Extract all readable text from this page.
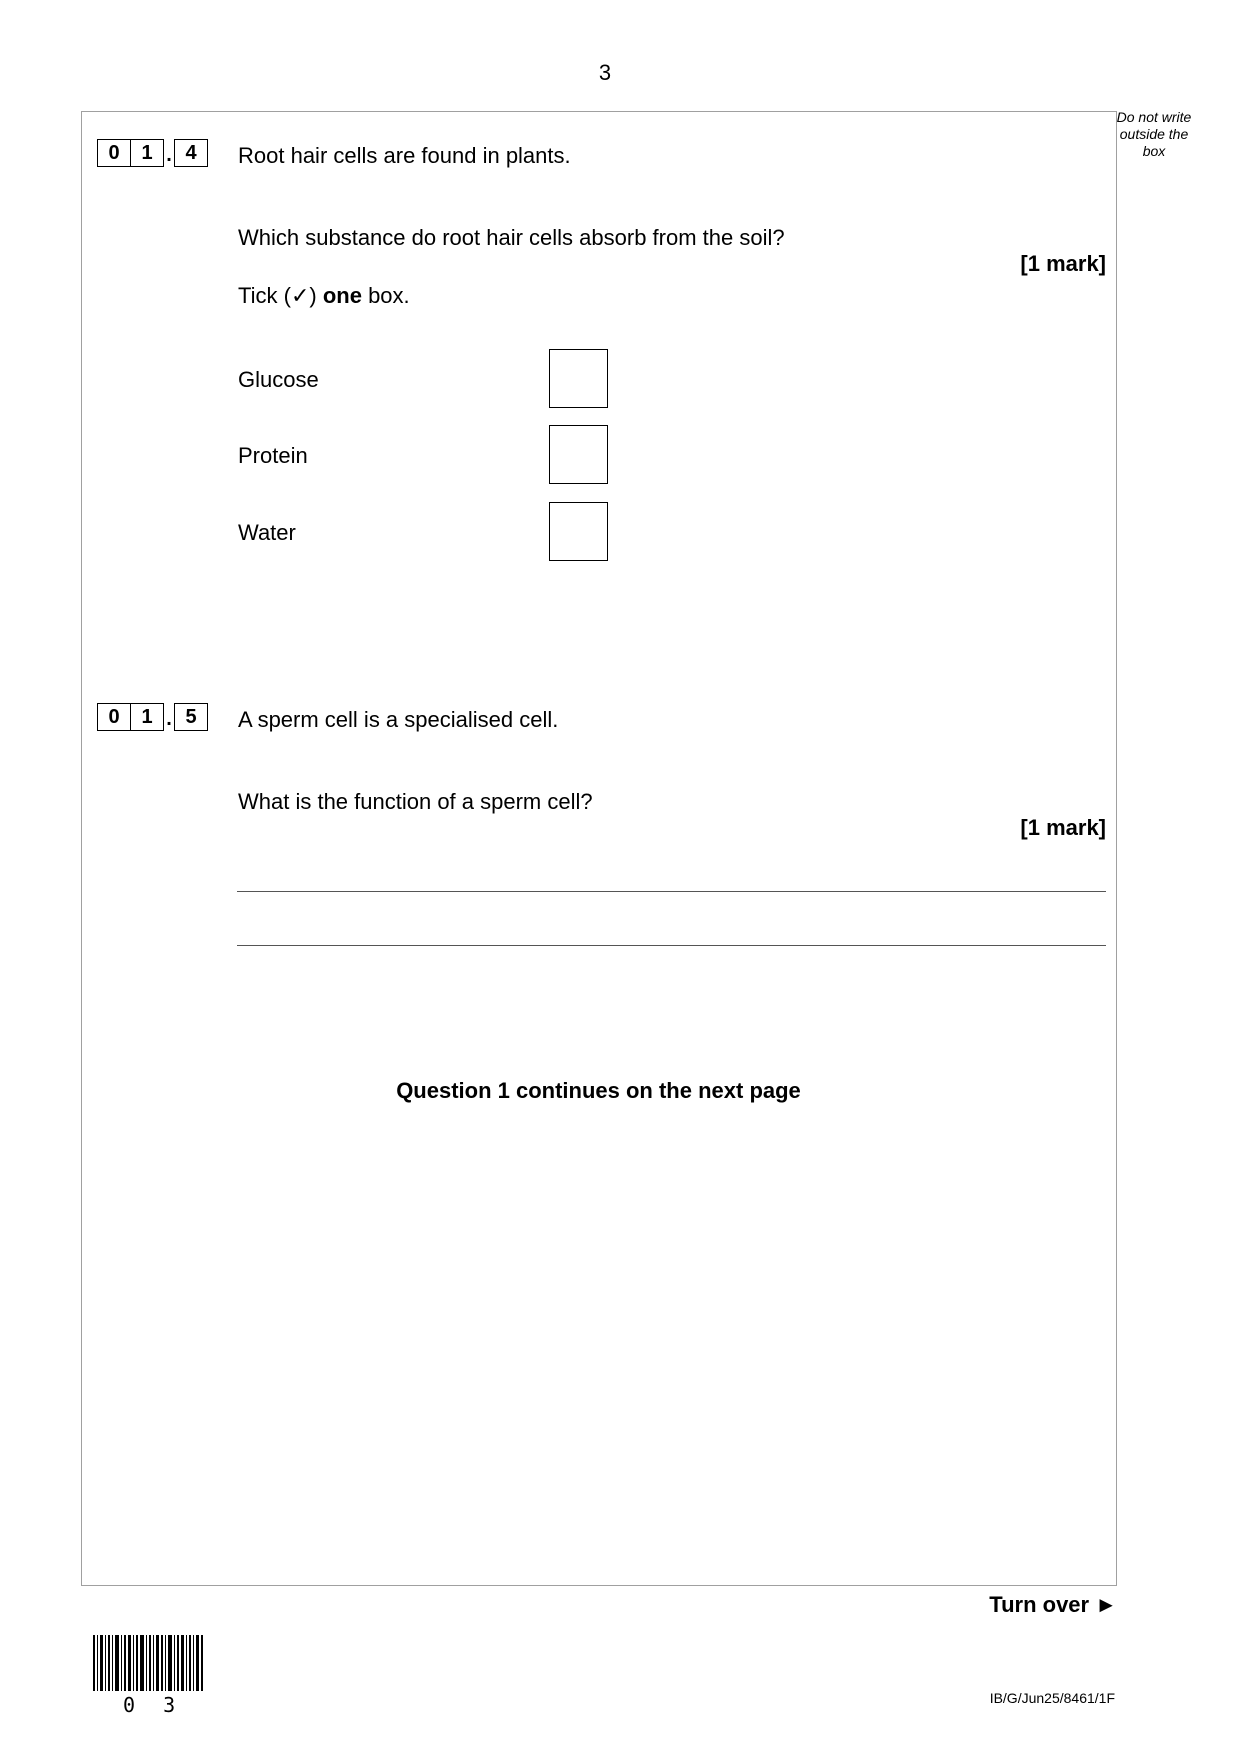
3
Do not write
outside the
box
0	1 . 4	Root hair cells are found in plants.
Which substance do root hair cells absorb from the soil?
[1 mark]
Tick (✓) one box.
Glucose
Protein
Water
0	1 . 5	A sperm cell is a specialised cell.
What is the function of a sperm cell?
[1 mark]
Question 1 continues on the next page
Turn over ►
0 3	IB/G/Jun25/8461/1F
